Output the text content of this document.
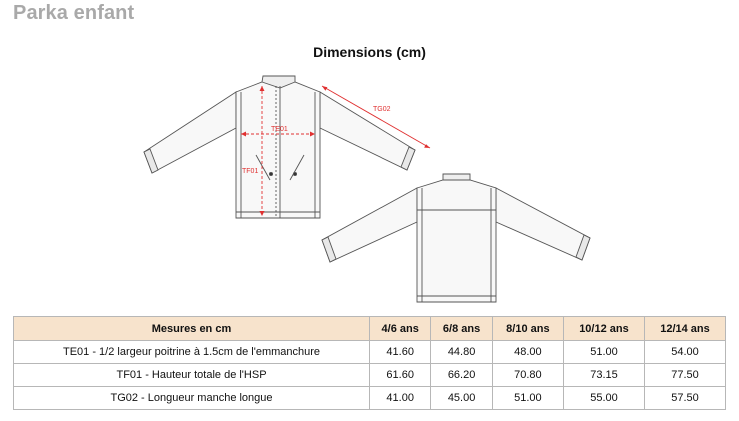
Parka enfant
Dimensions (cm)
TE01
TF01
TG02
Mesures en cm	4/6 ans	6/8 ans	8/10 ans	10/12 ans	12/14 ans
TE01 - 1/2 largeur poitrine à 1.5cm de l'emmanchure	41.60	44.80	48.00	51.00	54.00
TF01 - Hauteur totale de l'HSP	61.60	66.20	70.80	73.15	77.50
TG02 - Longueur manche longue	41.00	45.00	51.00	55.00	57.50
